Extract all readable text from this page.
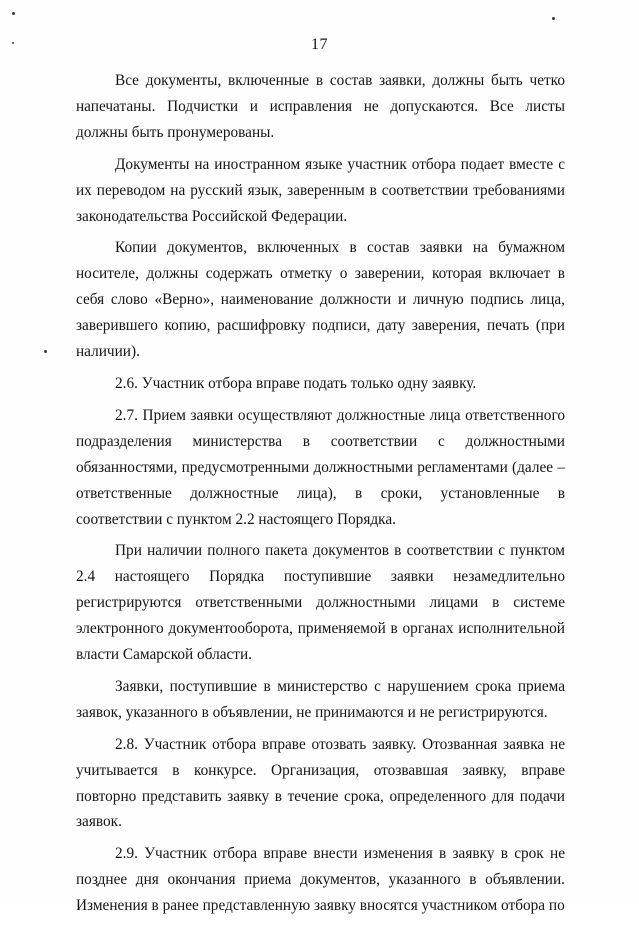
17

Все документы, включенные в состав заявки, должны быть четко напечатаны. Подчистки и исправления не допускаются. Все листы должны быть пронумерованы.

Документы на иностранном языке участник отбора подает вместе с их переводом на русский язык, заверенным в соответствии требованиями законодательства Российской Федерации.

Копии документов, включенных в состав заявки на бумажном носителе, должны содержать отметку о заверении, которая включает в себя слово «Верно», наименование должности и личную подпись лица, заверившего копию, расшифровку подписи, дату заверения, печать (при наличии).

2.6. Участник отбора вправе подать только одну заявку.

2.7. Прием заявки осуществляют должностные лица ответственного подразделения министерства в соответствии с должностными обязанностями, предусмотренными должностными регламентами (далее – ответственные должностные лица), в сроки, установленные в соответствии с пунктом 2.2 настоящего Порядка.

При наличии полного пакета документов в соответствии с пунктом 2.4 настоящего Порядка поступившие заявки незамедлительно регистрируются ответственными должностными лицами в системе электронного документооборота, применяемой в органах исполнительной власти Самарской области.

Заявки, поступившие в министерство с нарушением срока приема заявок, указанного в объявлении, не принимаются и не регистрируются.

2.8. Участник отбора вправе отозвать заявку. Отозванная заявка не учитывается в конкурсе. Организация, отозвавшая заявку, вправе повторно представить заявку в течение срока, определенного для подачи заявок.

2.9. Участник отбора вправе внести изменения в заявку в срок не позднее дня окончания приема документов, указанного в объявлении. Изменения в ранее представленную заявку вносятся участником отбора по
